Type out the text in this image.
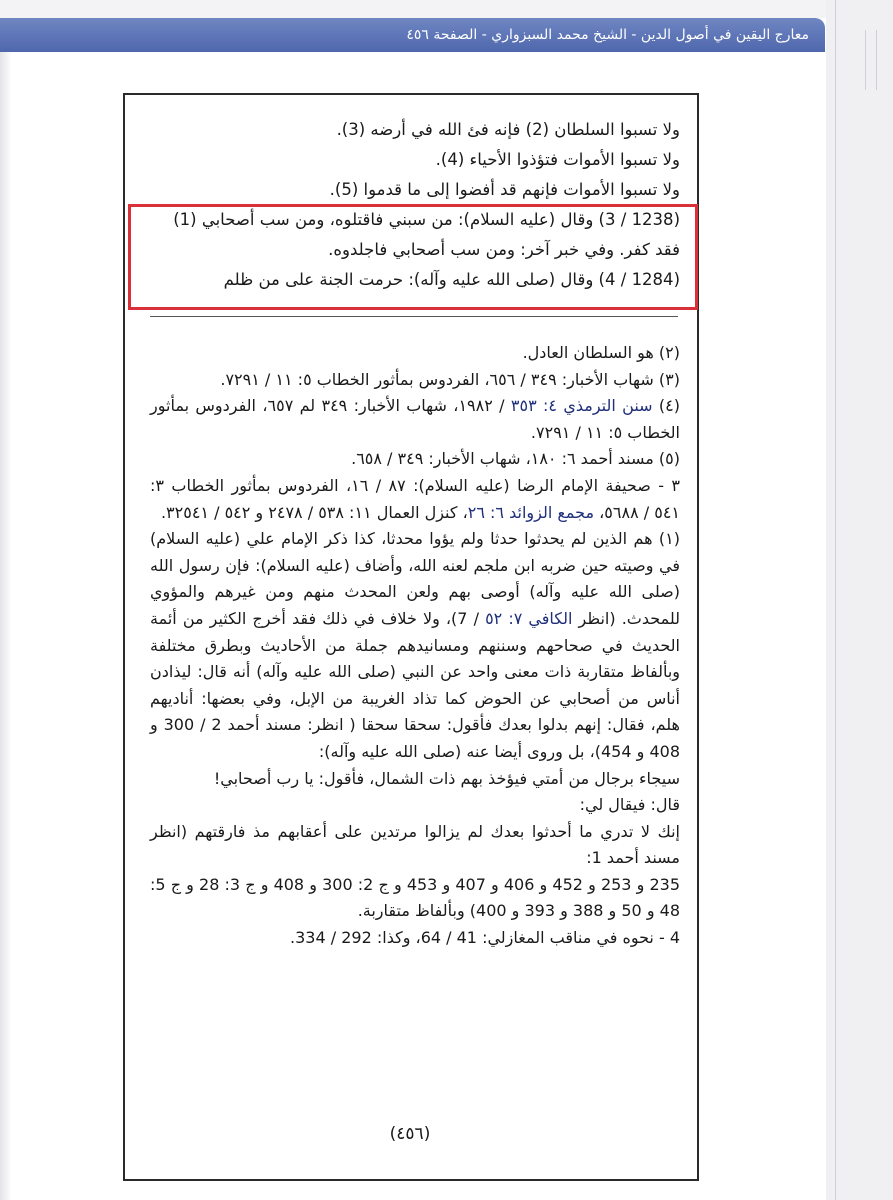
معارج اليقين في أصول الدين - الشيخ محمد السبزواري - الصفحة ٤٥٦
ولا تسبوا السلطان (2) فإنه فئ الله في أرضه (3).
ولا تسبوا الأموات فتؤذوا الأحياء (4).
ولا تسبوا الأموات فإنهم قد أفضوا إلى ما قدموا (5).
(1238 / 3) وقال (عليه السلام): من سبني فاقتلوه، ومن سب أصحابي (1)
فقد كفر. وفي خبر آخر: ومن سب أصحابي فاجلدوه.
(1284 / 4) وقال (صلى الله عليه وآله): حرمت الجنة على من ظلم
(٢) هو السلطان العادل.
(٣) شهاب الأخبار: ٣٤٩ / ٦٥٦، الفردوس بمأثور الخطاب ٥: ١١ / ٧٢٩١.
(٤) سنن الترمذي ٤: ٣٥٣ / ١٩٨٢، شهاب الأخبار: ٣٤٩ لم ٦٥٧، الفردوس بمأثور الخطاب ٥: ١١ / ٧٢٩١.
(٥) مسند أحمد ٦: ١٨٠، شهاب الأخبار: ٣٤٩ / ٦٥٨.
٣ - صحيفة الإمام الرضا (عليه السلام): ٨٧ / ١٦، الفردوس بمأثور الخطاب ٣: ٥٤١ / ٥٦٨٨، مجمع الزوائد ٦: ٢٦، كنزل العمال ١١: ٥٣٨ / ٢٤٧٨ و ٥٤٢ / ٣٢٥٤١.
(١) هم الذين لم يحدثوا حدثا ولم يؤوا محدثا، كذا ذكر الإمام علي (عليه السلام) في وصيته حين ضربه ابن ملجم لعنه الله، وأضاف (عليه السلام): فإن رسول الله (صلى الله عليه وآله) أوصى بهم ولعن المحدث منهم ومن غيرهم والمؤوي للمحدث. (انظر الكافي ٧: ٥٢ / 7)، ولا خلاف في ذلك فقد أخرج الكثير من أئمة الحديث في صحاحهم وسننهم ومسانيدهم جملة من الأحاديث وبطرق مختلفة وبألفاظ متقاربة ذات معنى واحد عن النبي (صلى الله عليه وآله) أنه قال: ليذادن أناس من أصحابي عن الحوض كما تذاد الغريبة من الإبل، وفي بعضها: أناديهم هلم، فقال: إنهم بدلوا بعدك فأقول: سحقا سحقا ( انظر: مسند أحمد 2 / 300 و 408 و 454)، بل وروى أيضا عنه (صلى الله عليه وآله):
سيجاء برجال من أمتي فيؤخذ بهم ذات الشمال، فأقول: يا رب أصحابي!
قال: فيقال لي:
إنك لا تدري ما أحدثوا بعدك لم يزالوا مرتدين على أعقابهم مذ فارقتهم (انظر مسند أحمد 1:
235 و 253 و 452 و 406 و 407 و 453 و ج 2: 300 و 408 و ج 3: 28 و ج 5: 48 و 50 و 388 و 393 و 400) وبألفاظ متقاربة.
4 - نحوه في مناقب المغازلي: 41 / 64، وكذا: 292 / 334.
(٤٥٦)
